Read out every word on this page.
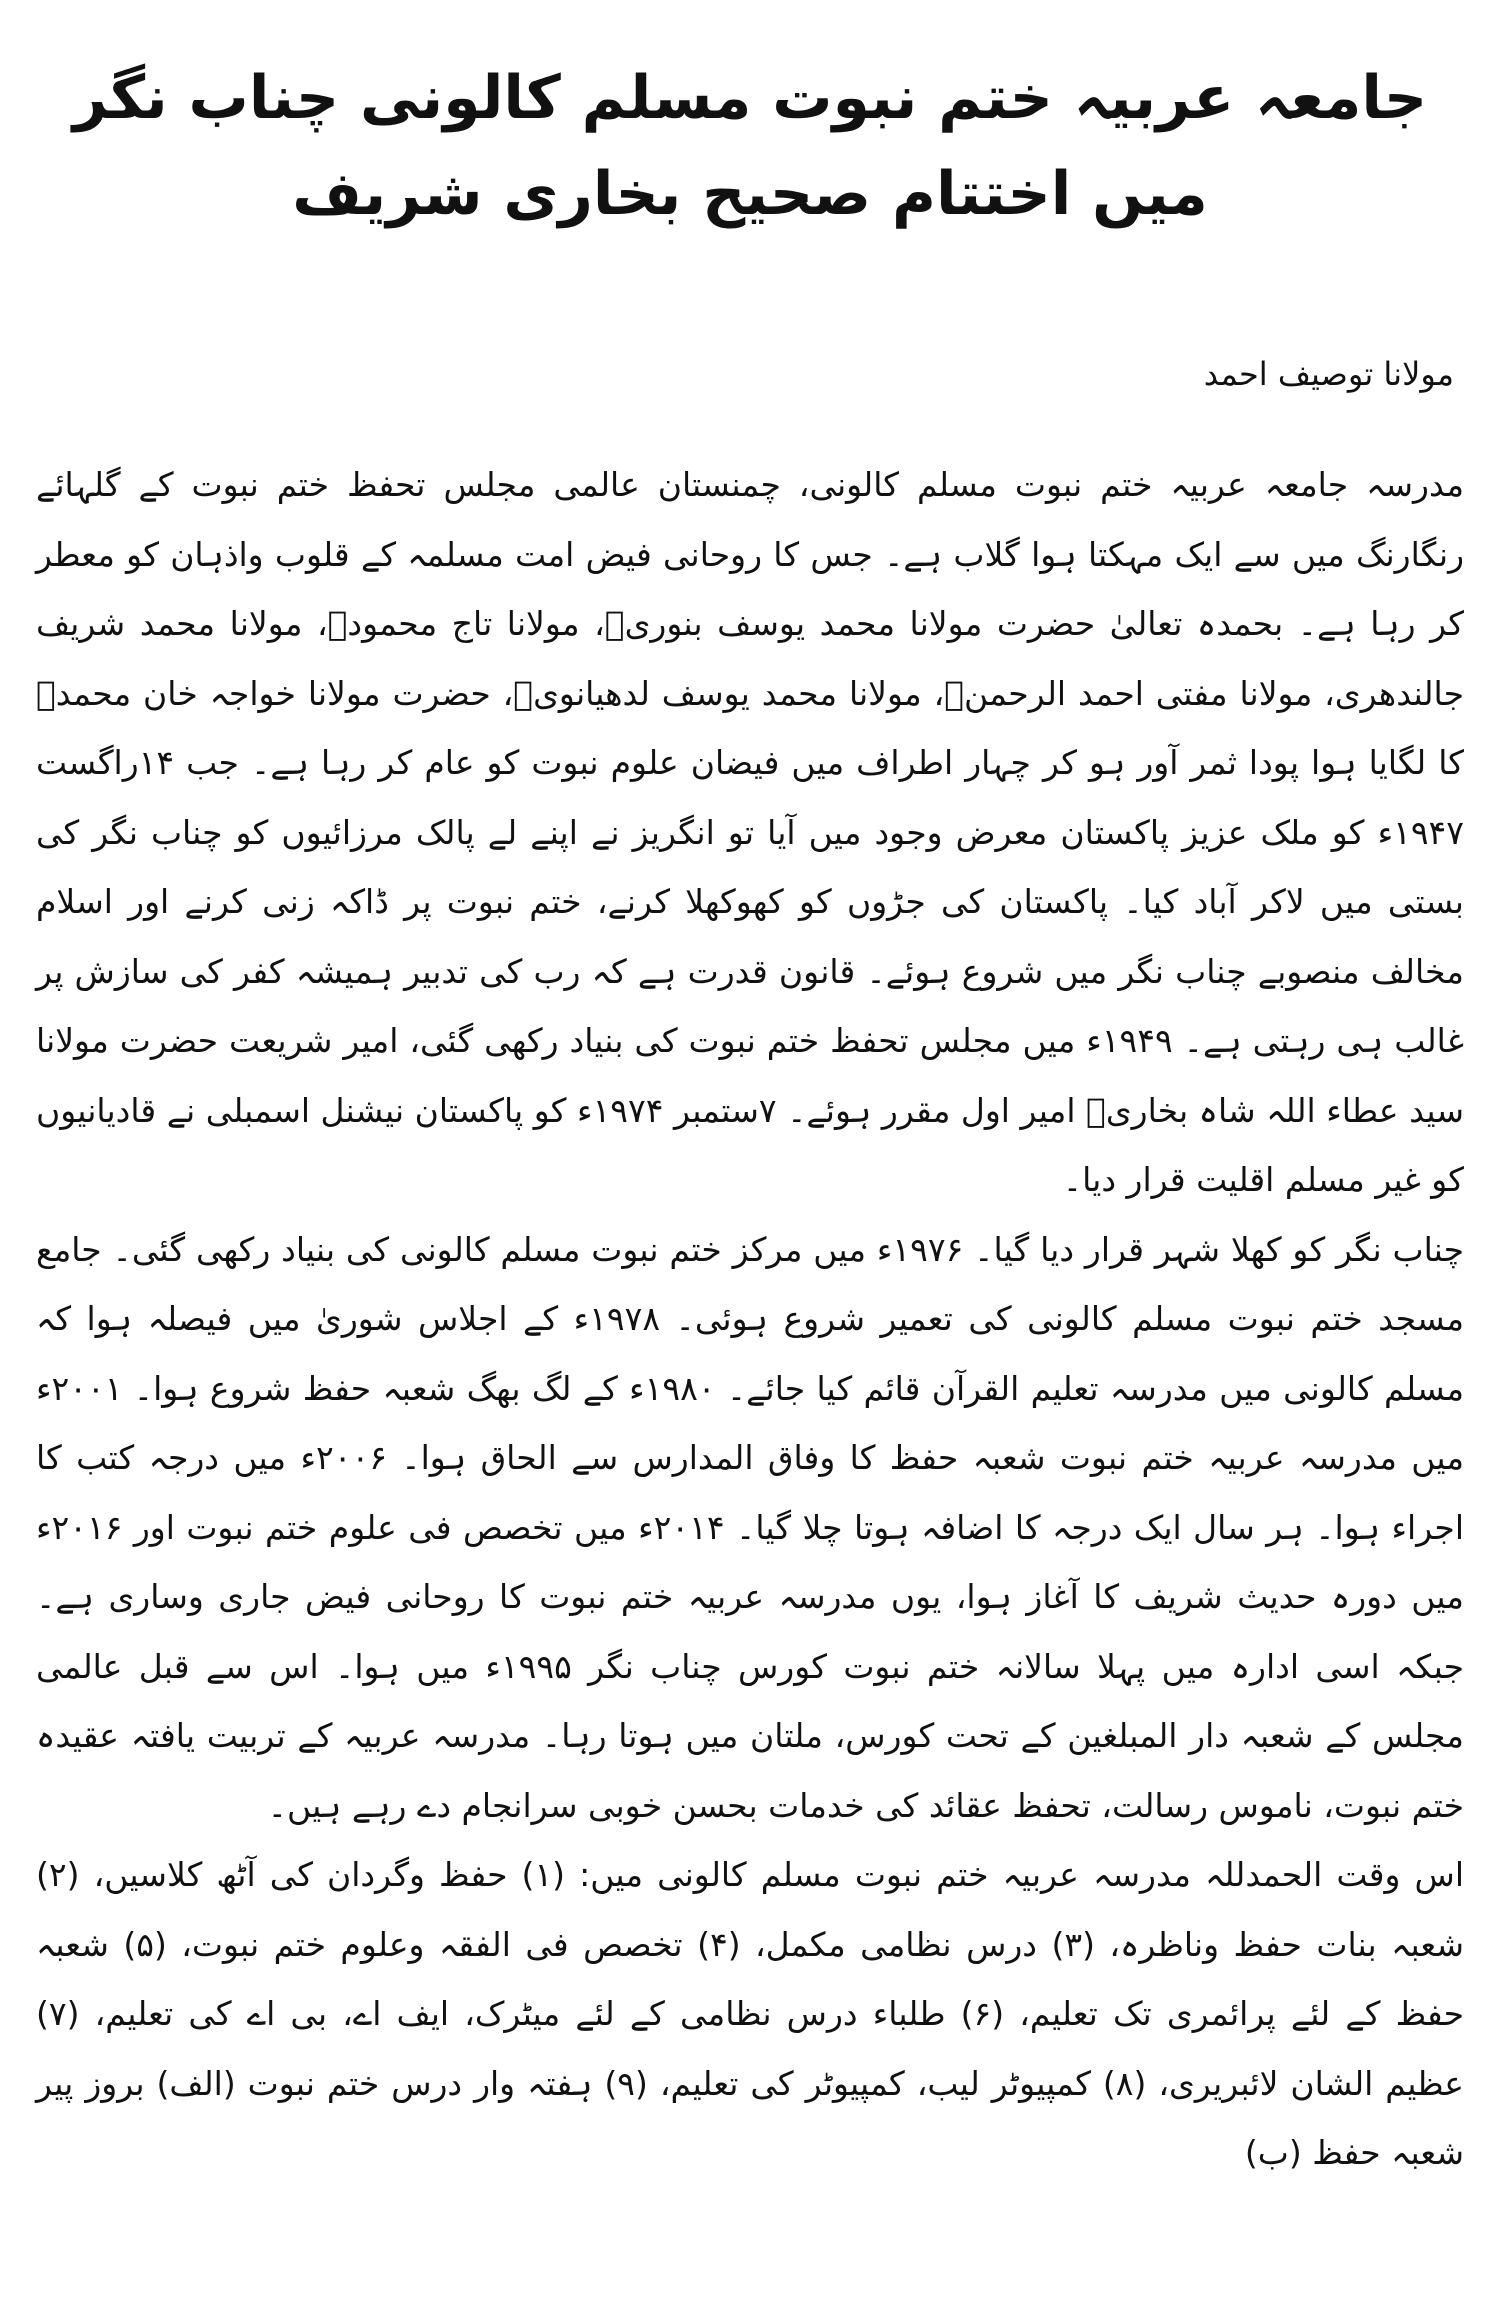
جامعہ عربیہ ختم نبوت مسلم کالونی چناب نگر میں اختتام صحیح بخاری شریف
مولانا توصیف احمد

مدرسہ جامعہ عربیہ ختم نبوت مسلم کالونی، چمنستان عالمی مجلس تحفظ ختم نبوت کے گلہائے رنگارنگ میں سے ایک مہکتا ہوا گلاب ہے۔ جس کا روحانی فیض امت مسلمہ کے قلوب واذہان کو معطر کر رہا ہے۔ بحمدہ تعالیٰ حضرت مولانا محمد یوسف بنوریؒ، مولانا تاج محمودؒ، مولانا محمد شریف جالندھری، مولانا مفتی احمد الرحمنؒ، مولانا محمد یوسف لدھیانویؒ، حضرت مولانا خواجہ خان محمدؒ کا لگایا ہوا پودا ثمر آور ہو کر چہار اطراف میں فیضان علوم نبوت کو عام کر رہا ہے۔ جب ۱۴راگست ۱۹۴۷ء کو ملک عزیز پاکستان معرض وجود میں آیا تو انگریز نے اپنے لے پالک مرزائیوں کو چناب نگر کی بستی میں لاکر آباد کیا۔ پاکستان کی جڑوں کو کھوکھلا کرنے، ختم نبوت پر ڈاکہ زنی کرنے اور اسلام مخالف منصوبے چناب نگر میں شروع ہوئے۔ قانون قدرت ہے کہ رب کی تدبیر ہمیشہ کفر کی سازش پر غالب ہی رہتی ہے۔ ۱۹۴۹ء میں مجلس تحفظ ختم نبوت کی بنیاد رکھی گئی، امیر شریعت حضرت مولانا سید عطاء اللہ شاہ بخاریؒ امیر اول مقرر ہوئے۔ ۷ستمبر ۱۹۷۴ء کو پاکستان نیشنل اسمبلی نے قادیانیوں کو غیر مسلم اقلیت قرار دیا۔

چناب نگر کو کھلا شہر قرار دیا گیا۔ ۱۹۷۶ء میں مرکز ختم نبوت مسلم کالونی کی بنیاد رکھی گئی۔ جامع مسجد ختم نبوت مسلم کالونی کی تعمیر شروع ہوئی۔ ۱۹۷۸ء کے اجلاس شوریٰ میں فیصلہ ہوا کہ مسلم کالونی میں مدرسہ تعلیم القرآن قائم کیا جائے۔ ۱۹۸۰ء کے لگ بھگ شعبہ حفظ شروع ہوا۔ ۲۰۰۱ء میں مدرسہ عربیہ ختم نبوت شعبہ حفظ کا وفاق المدارس سے الحاق ہوا۔ ۲۰۰۶ء میں درجہ کتب کا اجراء ہوا۔ ہر سال ایک درجہ کا اضافہ ہوتا چلا گیا۔ ۲۰۱۴ء میں تخصص فی علوم ختم نبوت اور ۲۰۱۶ء میں دورہ حدیث شریف کا آغاز ہوا، یوں مدرسہ عربیہ ختم نبوت کا روحانی فیض جاری وساری ہے۔ جبکہ اسی ادارہ میں پہلا سالانہ ختم نبوت کورس چناب نگر ۱۹۹۵ء میں ہوا۔ اس سے قبل عالمی مجلس کے شعبہ دار المبلغین کے تحت کورس، ملتان میں ہوتا رہا۔ مدرسہ عربیہ کے تربیت یافتہ عقیدہ ختم نبوت، ناموس رسالت، تحفظ عقائد کی خدمات بحسن خوبی سرانجام دے رہے ہیں۔

اس وقت الحمدللہ مدرسہ عربیہ ختم نبوت مسلم کالونی میں: (۱) حفظ وگردان کی آٹھ کلاسیں، (۲) شعبہ بنات حفظ وناظرہ، (۳) درس نظامی مکمل، (۴) تخصص فی الفقہ وعلوم ختم نبوت، (۵) شعبہ حفظ کے لئے پرائمری تک تعلیم، (۶) طلباء درس نظامی کے لئے میٹرک، ایف اے، بی اے کی تعلیم، (۷) عظیم الشان لائبریری، (۸) کمپیوٹر لیب، کمپیوٹر کی تعلیم، (۹) ہفتہ وار درس ختم نبوت (الف) بروز پیر شعبہ حفظ (ب)
